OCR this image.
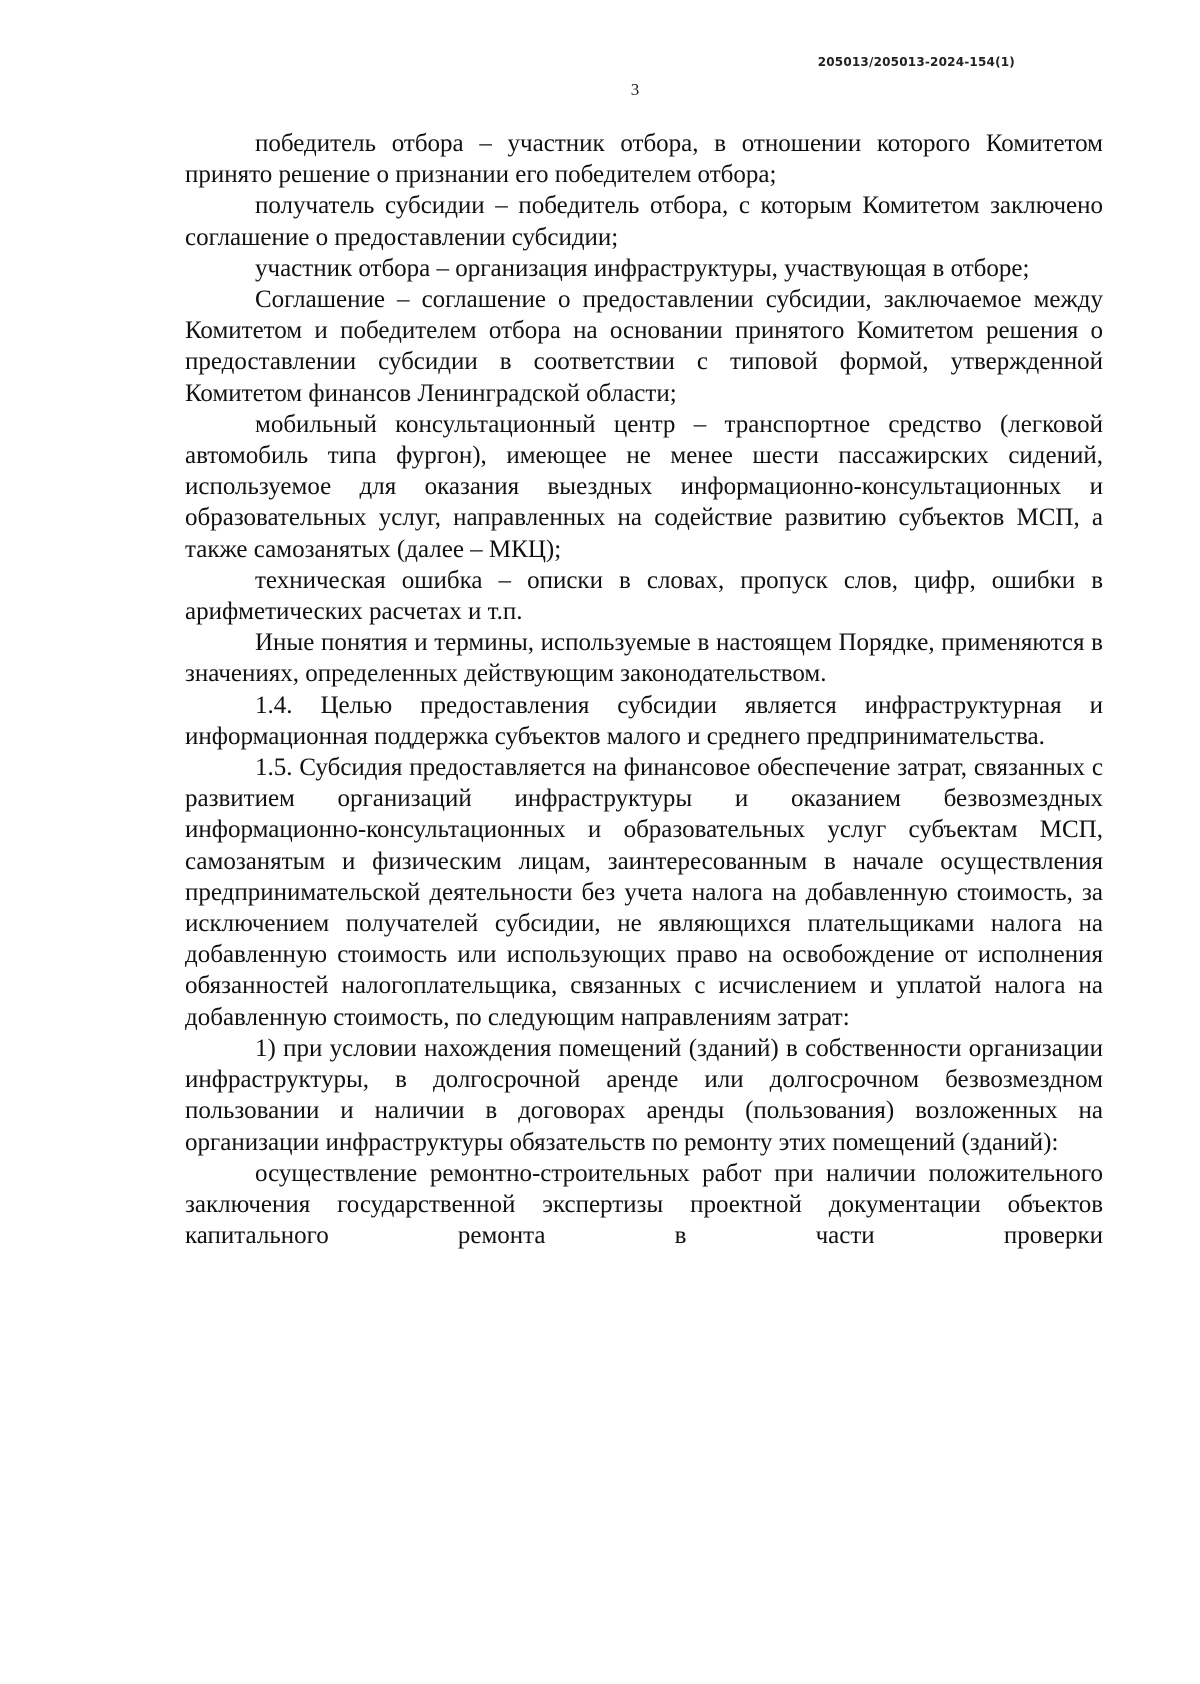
205013/205013-2024-154(1)
3

победитель отбора – участник отбора, в отношении которого Комитетом принято решение о признании его победителем отбора;

получатель субсидии – победитель отбора, с которым Комитетом заключено соглашение о предоставлении субсидии;

участник отбора – организация инфраструктуры, участвующая в отборе;

Соглашение – соглашение о предоставлении субсидии, заключаемое между Комитетом и победителем отбора на основании принятого Комитетом решения о предоставлении субсидии в соответствии с типовой формой, утвержденной Комитетом финансов Ленинградской области;

мобильный консультационный центр – транспортное средство (легковой автомобиль типа фургон), имеющее не менее шести пассажирских сидений, используемое для оказания выездных информационно-консультационных и образовательных услуг, направленных на содействие развитию субъектов МСП, а также самозанятых (далее – МКЦ);

техническая ошибка – описки в словах, пропуск слов, цифр, ошибки в арифметических расчетах и т.п.

Иные понятия и термины, используемые в настоящем Порядке, применяются в значениях, определенных действующим законодательством.

1.4. Целью предоставления субсидии является инфраструктурная и информационная поддержка субъектов малого и среднего предпринимательства.

1.5. Субсидия предоставляется на финансовое обеспечение затрат, связанных с развитием организаций инфраструктуры и оказанием безвозмездных информационно-консультационных и образовательных услуг субъектам МСП, самозанятым и физическим лицам, заинтересованным в начале осуществления предпринимательской деятельности без учета налога на добавленную стоимость, за исключением получателей субсидии, не являющихся плательщиками налога на добавленную стоимость или использующих право на освобождение от исполнения обязанностей налогоплательщика, связанных с исчислением и уплатой налога на добавленную стоимость, по следующим направлениям затрат:

1) при условии нахождения помещений (зданий) в собственности организации инфраструктуры, в долгосрочной аренде или долгосрочном безвозмездном пользовании и наличии в договорах аренды (пользования) возложенных на организации инфраструктуры обязательств по ремонту этих помещений (зданий):

осуществление ремонтно-строительных работ при наличии положительного заключения государственной экспертизы проектной документации объектов капитального ремонта в части проверки
